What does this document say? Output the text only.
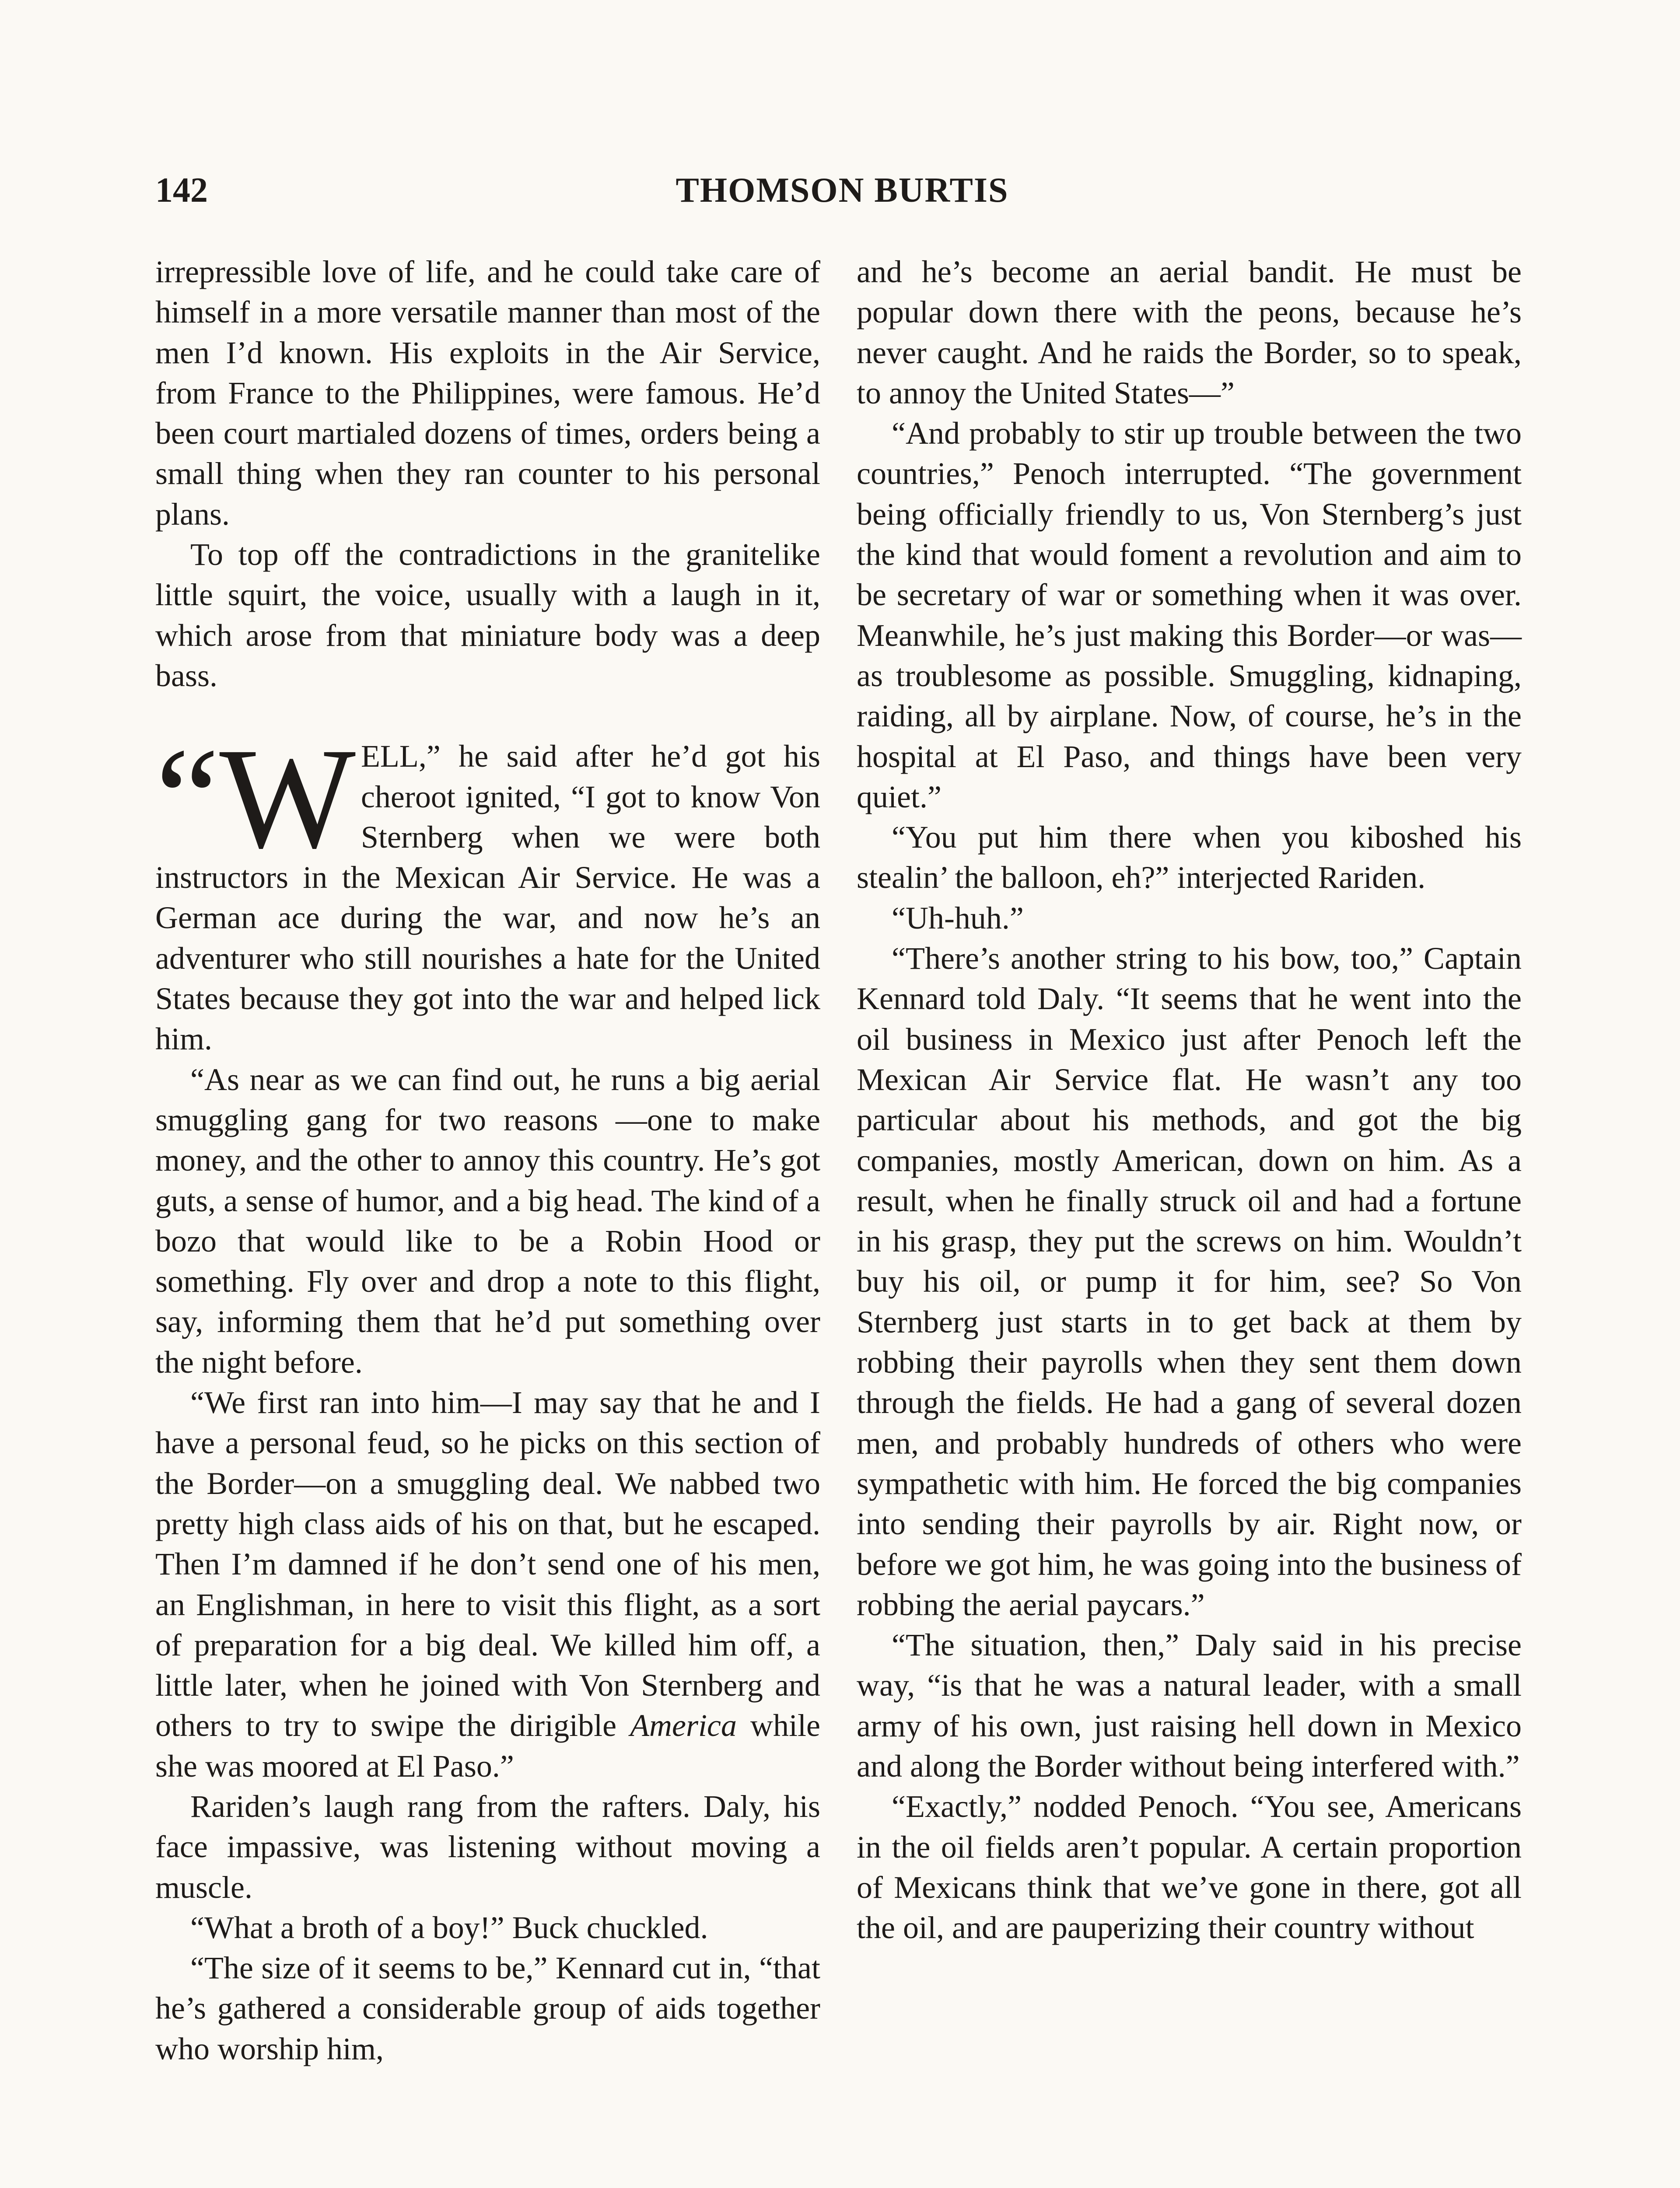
142	THOMSON BURTIS

irrepressible love of life, and he could take care of himself in a more versatile manner than most of the men I’d known. His exploits in the Air Service, from France to the Philippines, were famous. He’d been court martialed dozens of times, orders being a small thing when they ran counter to his personal plans.

To top off the contradictions in the granitelike little squirt, the voice, usually with a laugh in it, which arose from that miniature body was a deep bass.

“WELL,” he said after he’d got his cheroot ignited, “I got to know Von Sternberg when we were both instructors in the Mexican Air Service. He was a German ace during the war, and now he’s an adventurer who still nourishes a hate for the United States because they got into the war and helped lick him.

“As near as we can find out, he runs a big aerial smuggling gang for two reasons —one to make money, and the other to annoy this country. He’s got guts, a sense of humor, and a big head. The kind of a bozo that would like to be a Robin Hood or something. Fly over and drop a note to this flight, say, informing them that he’d put something over the night before.

“We first ran into him—I may say that he and I have a personal feud, so he picks on this section of the Border—on a smuggling deal. We nabbed two pretty high class aids of his on that, but he escaped. Then I’m damned if he don’t send one of his men, an Englishman, in here to visit this flight, as a sort of preparation for a big deal. We killed him off, a little later, when he joined with Von Sternberg and others to try to swipe the dirigible America while she was moored at El Paso.”

Rariden’s laugh rang from the rafters. Daly, his face impassive, was listening without moving a muscle.

“What a broth of a boy!” Buck chuckled.

“The size of it seems to be,” Kennard cut in, “that he’s gathered a considerable group of aids together who worship him,

and he’s become an aerial bandit. He must be popular down there with the peons, because he’s never caught. And he raids the Border, so to speak, to annoy the United States—”

“And probably to stir up trouble between the two countries,” Penoch interrupted. “The government being officially friendly to us, Von Sternberg’s just the kind that would foment a revolution and aim to be secretary of war or something when it was over. Meanwhile, he’s just making this Border—or was—as troublesome as possible. Smuggling, kidnaping, raiding, all by airplane. Now, of course, he’s in the hospital at El Paso, and things have been very quiet.”

“You put him there when you kiboshed his stealin’ the balloon, eh?” interjected Rariden.

“Uh-huh.”

“There’s another string to his bow, too,” Captain Kennard told Daly. “It seems that he went into the oil business in Mexico just after Penoch left the Mexican Air Service flat. He wasn’t any too particular about his methods, and got the big companies, mostly American, down on him. As a result, when he finally struck oil and had a fortune in his grasp, they put the screws on him. Wouldn’t buy his oil, or pump it for him, see? So Von Sternberg just starts in to get back at them by robbing their payrolls when they sent them down through the fields. He had a gang of several dozen men, and probably hundreds of others who were sympathetic with him. He forced the big companies into sending their payrolls by air. Right now, or before we got him, he was going into the business of robbing the aerial paycars.”

“The situation, then,” Daly said in his precise way, “is that he was a natural leader, with a small army of his own, just raising hell down in Mexico and along the Border without being interfered with.”

“Exactly,” nodded Penoch. “You see, Americans in the oil fields aren’t popular. A certain proportion of Mexicans think that we’ve gone in there, got all the oil, and are pauperizing their country without
